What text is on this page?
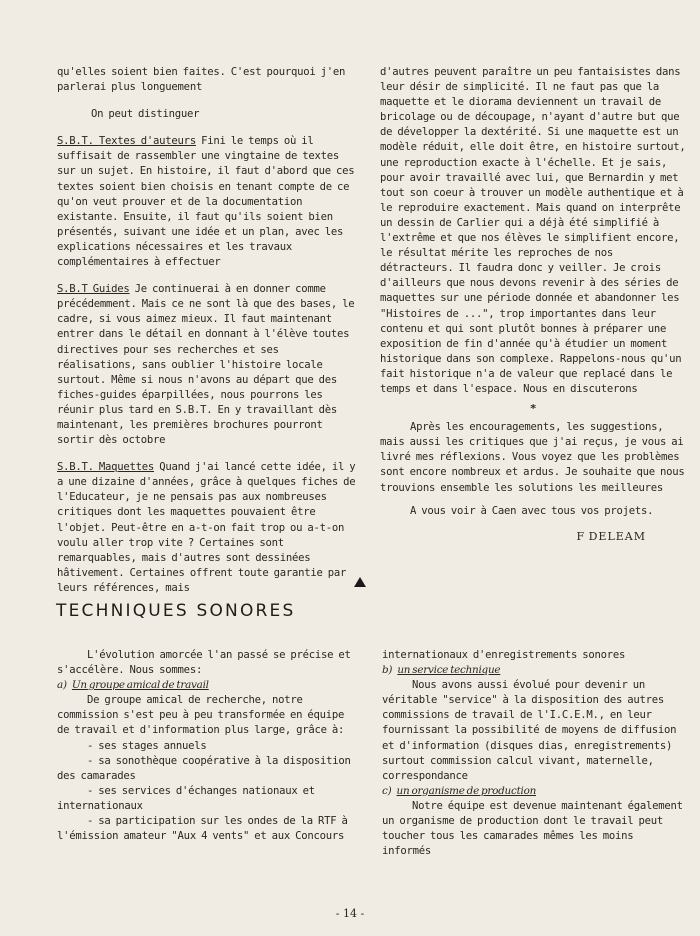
qu'elles soient bien faites. C'est pourquoi j'en parlerai plus longuement

On peut distinguer

S.B.T. Textes d'auteurs Fini le temps où il suffisait de rassembler une vingtaine de textes sur un sujet. En histoire, il faut d'abord que ces textes soient bien choisis en tenant compte de ce qu'on veut prouver et de la documentation existante. Ensuite, il faut qu'ils soient bien présentés, suivant une idée et un plan, avec les explications nécessaires et les travaux complémentaires à effectuer

S.B.T Guides Je continuerai à en donner comme précédemment. Mais ce ne sont là que des bases, le cadre, si vous aimez mieux. Il faut maintenant entrer dans le détail en donnant à l'élève toutes directives pour ses recherches et ses réalisations, sans oublier l'histoire locale surtout. Même si nous n'avons au départ que des fiches-guides éparpillées, nous pourrons les réunir plus tard en S.B.T. En y travaillant dès maintenant, les premières brochures pourront sortir dès octobre

S.B.T. Maquettes Quand j'ai lancé cette idée, il y a une dizaine d'années, grâce à quelques fiches de l'Educateur, je ne pensais pas aux nombreuses critiques dont les maquettes pouvaient être l'objet. Peut-être en a-t-on fait trop ou a-t-on voulu aller trop vite ? Certaines sont remarquables, mais d'autres sont dessinées hâtivement. Certaines offrent toute garantie par leurs références, mais

d'autres peuvent paraître un peu fantaisistes dans leur désir de simplicité. Il ne faut pas que la maquette et le diorama deviennent un travail de bricolage ou de découpage, n'ayant d'autre but que de développer la dextérité. Si une maquette est un modèle réduit, elle doit être, en histoire surtout, une reproduction exacte à l'échelle. Et je sais, pour avoir travaillé avec lui, que Bernardin y met tout son coeur à trouver un modèle authentique et à le reproduire exactement. Mais quand on interprête un dessin de Carlier qui a déjà été simplifié à l'extrême et que nos élèves le simplifient encore, le résultat mérite les reproches de nos détracteurs. Il faudra donc y veiller. Je crois d'ailleurs que nous devons revenir à des séries de maquettes sur une période donnée et abandonner les "Histoires de ...", trop importantes dans leur contenu et qui sont plutôt bonnes à préparer une exposition de fin d'année qu'à étudier un moment historique dans son complexe. Rappelons-nous qu'un fait historique n'a de valeur que replacé dans le temps et dans l'espace. Nous en discuterons

*

Après les encouragements, les suggestions, mais aussi les critiques que j'ai reçus, je vous ai livré mes réflexions. Vous voyez que les problèmes sont encore nombreux et ardus. Je souhaite que nous trouvions ensemble les solutions les meilleures

A vous voir à Caen avec tous vos projets.

F DELEAM

TECHNIQUES SONORES

L'évolution amorcée l'an passé se précise et s'accélère. Nous sommes:

a) Un groupe amical de travail

De groupe amical de recherche, notre commission s'est peu à peu transformée en équipe de travail et d'information plus large, grâce à:

- ses stages annuels

- sa sonothèque coopérative à la disposition des camarades

- ses services d'échanges nationaux et internationaux

- sa participation sur les ondes de la RTF à l'émission amateur "Aux 4 vents" et aux Concours

internationaux d'enregistrements sonores

b) un service technique

Nous avons aussi évolué pour devenir un véritable "service" à la disposition des autres commissions de travail de l'I.C.E.M., en leur fournissant la possibilité de moyens de diffusion et d'information (disques dias, enregistrements) surtout commission calcul vivant, maternelle, correspondance

c) un organisme de production

Notre équipe est devenue maintenant également un organisme de production dont le travail peut toucher tous les camarades mêmes les moins informés

- 14 -
